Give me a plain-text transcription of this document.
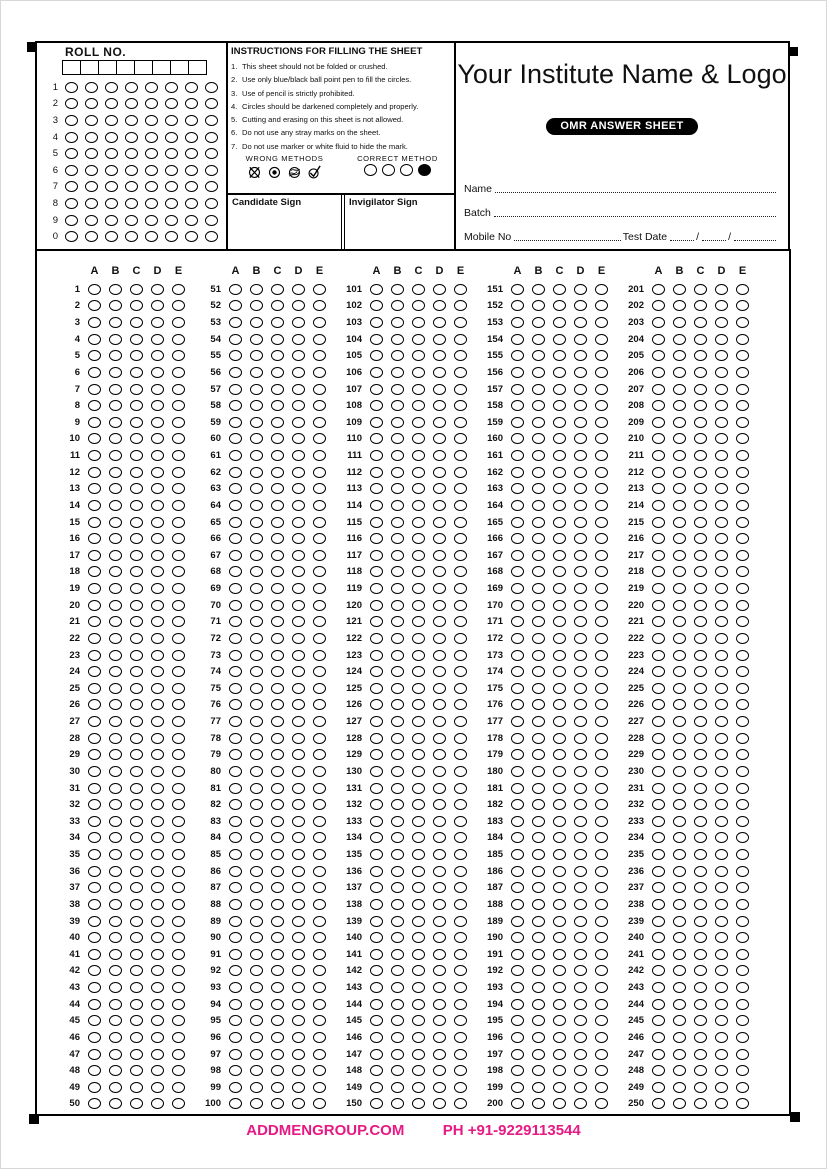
ROLL NO.
1
2
3
4
5
6
7
8
9
0
INSTRUCTIONS FOR FILLING THE SHEET
1. This sheet should not be folded or crushed.
2. Use only blue/black ball point pen to fill the circles.
3. Use of pencil is strictly prohibited.
4. Circles should be darkened completely and properly.
5. Cutting and erasing on this sheet is not allowed.
6. Do not use any stray marks on the sheet.
7. Do not use marker or white fluid to hide the mark.
WRONG METHODS	CORRECT METHOD
Candidate Sign	Invigilator Sign
Your Institute Name & Logo
OMR ANSWER SHEET
Name
Batch
Mobile No	Test Date	/	/
A	B	C	D	E
1
2
3
4
5
6
7
8
9
10
11
12
13
14
15
16
17
18
19
20
21
22
23
24
25
26
27
28
29
30
31
32
33
34
35
36
37
38
39
40
41
42
43
44
45
46
47
48
49
50
A	B	C	D	E
51
52
53
54
55
56
57
58
59
60
61
62
63
64
65
66
67
68
69
70
71
72
73
74
75
76
77
78
79
80
81
82
83
84
85
86
87
88
89
90
91
92
93
94
95
96
97
98
99
100
A	B	C	D	E
101
102
103
104
105
106
107
108
109
110
111
112
113
114
115
116
117
118
119
120
121
122
123
124
125
126
127
128
129
130
131
132
133
134
135
136
137
138
139
140
141
142
143
144
145
146
147
148
149
150
A	B	C	D	E
151
152
153
154
155
156
157
158
159
160
161
162
163
164
165
166
167
168
169
170
171
172
173
174
175
176
177
178
179
180
181
182
183
184
185
186
187
188
189
190
191
192
193
194
195
196
197
198
199
200
A	B	C	D	E
201
202
203
204
205
206
207
208
209
210
211
212
213
214
215
216
217
218
219
220
221
222
223
224
225
226
227
228
229
230
231
232
233
234
235
236
237
238
239
240
241
242
243
244
245
246
247
248
249
250
ADDMENGROUP.COM	PH +91-9229113544
